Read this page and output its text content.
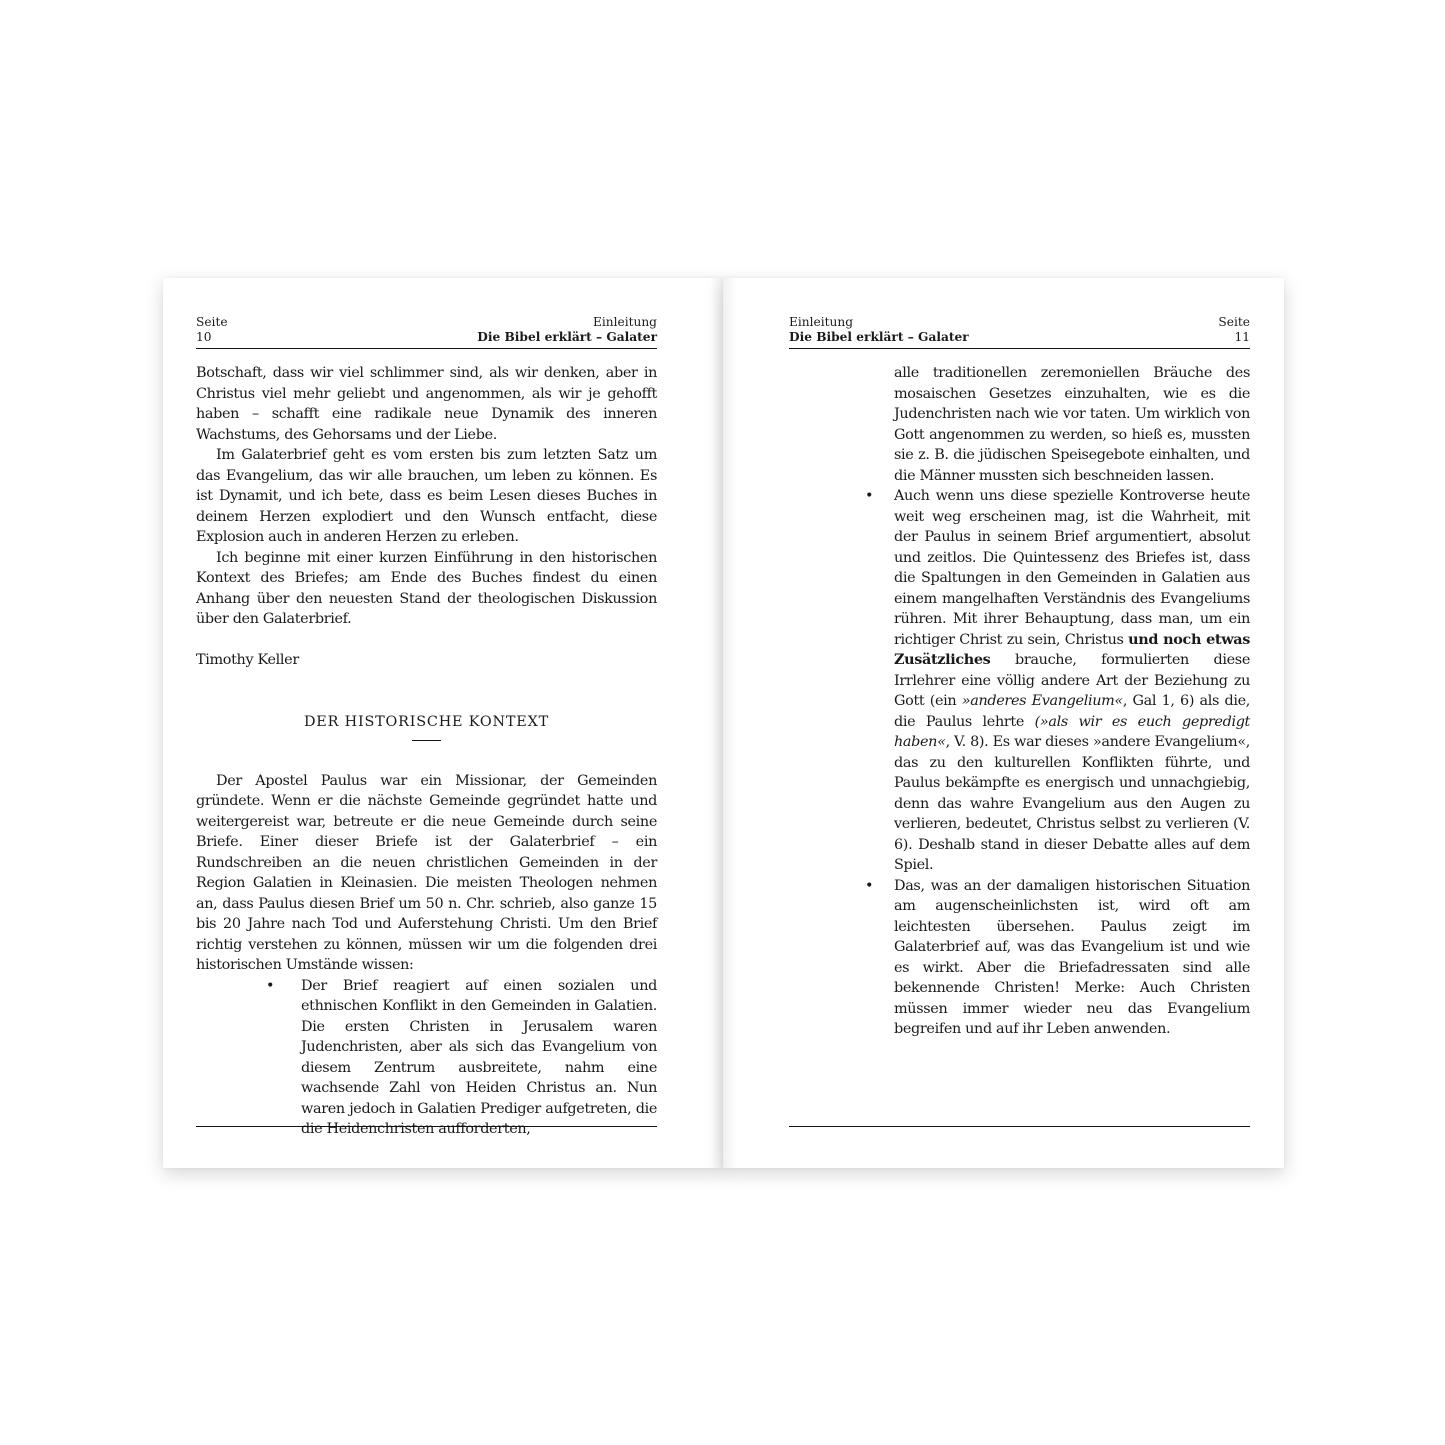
Seite
10
Einleitung
Die Bibel erklärt – Galater

Botschaft, dass wir viel schlimmer sind, als wir denken, aber in Christus viel mehr geliebt und angenommen, als wir je gehofft haben – schafft eine radikale neue Dynamik des inneren Wachstums, des Gehorsams und der Liebe.

Im Galaterbrief geht es vom ersten bis zum letzten Satz um das Evangelium, das wir alle brauchen, um leben zu können. Es ist Dynamit, und ich bete, dass es beim Lesen dieses Buches in deinem Herzen explodiert und den Wunsch entfacht, diese Explosion auch in anderen Herzen zu erleben.

Ich beginne mit einer kurzen Einführung in den historischen Kontext des Briefes; am Ende des Buches findest du einen Anhang über den neuesten Stand der theologischen Diskussion über den Galaterbrief.

Timothy Keller

DER HISTORISCHE KONTEXT

Der Apostel Paulus war ein Missionar, der Gemeinden gründete. Wenn er die nächste Gemeinde gegründet hatte und weitergereist war, betreute er die neue Gemeinde durch seine Briefe. Einer dieser Briefe ist der Galaterbrief – ein Rundschreiben an die neuen christlichen Gemeinden in der Region Galatien in Kleinasien. Die meisten Theologen nehmen an, dass Paulus diesen Brief um 50 n. Chr. schrieb, also ganze 15 bis 20 Jahre nach Tod und Auferstehung Christi. Um den Brief richtig verstehen zu können, müssen wir um die folgenden drei historischen Umstände wissen:

• Der Brief reagiert auf einen sozialen und ethnischen Konflikt in den Gemeinden in Galatien. Die ersten Christen in Jerusalem waren Judenchristen, aber als sich das Evangelium von diesem Zentrum ausbreitete, nahm eine wachsende Zahl von Heiden Christus an. Nun waren jedoch in Galatien Prediger aufgetreten, die die Heidenchristen aufforderten,
Einleitung
Die Bibel erklärt – Galater
Seite
11
alle traditionellen zeremoniellen Bräuche des mosaischen Gesetzes einzuhalten, wie es die Judenchristen nach wie vor taten. Um wirklich von Gott angenommen zu werden, so hieß es, mussten sie z. B. die jüdischen Speisegebote einhalten, und die Männer mussten sich beschneiden lassen.
• Auch wenn uns diese spezielle Kontroverse heute weit weg erscheinen mag, ist die Wahrheit, mit der Paulus in seinem Brief argumentiert, absolut und zeitlos. Die Quintessenz des Briefes ist, dass die Spaltungen in den Gemeinden in Galatien aus einem mangelhaften Verständnis des Evangeliums rühren. Mit ihrer Behauptung, dass man, um ein richtiger Christ zu sein, Christus und noch etwas Zusätzliches brauche, formulierten diese Irrlehrer eine völlig andere Art der Beziehung zu Gott (ein »anderes Evangelium«, Gal 1, 6) als die, die Paulus lehrte (»als wir es euch gepredigt haben«, V. 8). Es war dieses »andere Evangelium«, das zu den kulturellen Konflikten führte, und Paulus bekämpfte es energisch und unnachgiebig, denn das wahre Evangelium aus den Augen zu verlieren, bedeutet, Christus selbst zu verlieren (V. 6). Deshalb stand in dieser Debatte alles auf dem Spiel.
• Das, was an der damaligen historischen Situation am augenscheinlichsten ist, wird oft am leichtesten übersehen. Paulus zeigt im Galaterbrief auf, was das Evangelium ist und wie es wirkt. Aber die Briefadressaten sind alle bekennende Christen! Merke: Auch Christen müssen immer wieder neu das Evangelium begreifen und auf ihr Leben anwenden.
